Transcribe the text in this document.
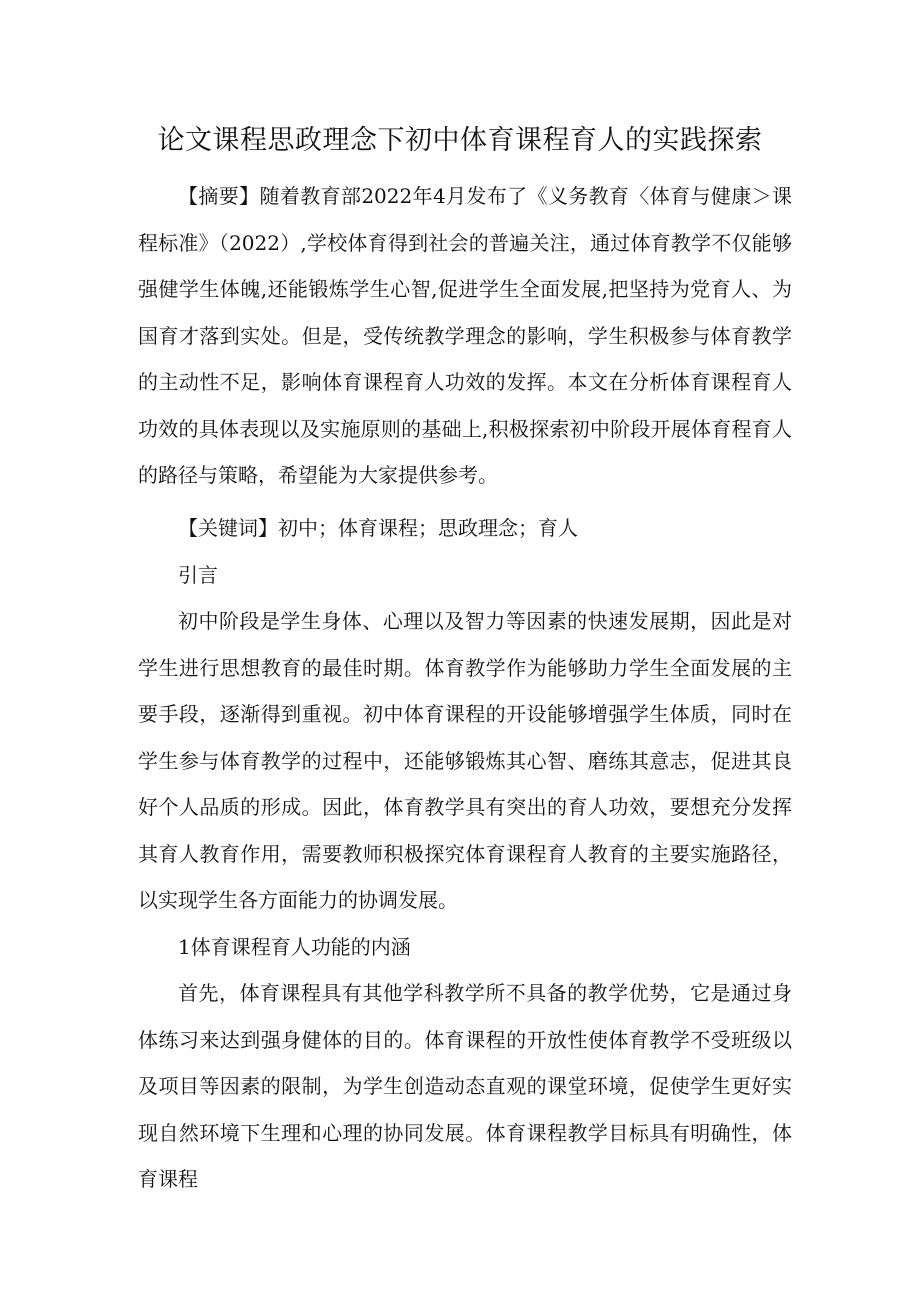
论文课程思政理念下初中体育课程育人的实践探索

【摘要】随着教育部2022年4月发布了《义务教育〈体育与健康＞课程标准》（2022）,学校体育得到社会的普遍关注，通过体育教学不仅能够强健学生体魄,还能锻炼学生心智,促进学生全面发展,把坚持为党育人、为国育才落到实处。但是，受传统教学理念的影响，学生积极参与体育教学的主动性不足，影响体育课程育人功效的发挥。本文在分析体育课程育人功效的具体表现以及实施原则的基础上,积极探索初中阶段开展体育程育人的路径与策略，希望能为大家提供参考。

【关键词】初中；体育课程；思政理念；育人

引言

初中阶段是学生身体、心理以及智力等因素的快速发展期，因此是对学生进行思想教育的最佳时期。体育教学作为能够助力学生全面发展的主要手段，逐渐得到重视。初中体育课程的开设能够增强学生体质，同时在学生参与体育教学的过程中，还能够锻炼其心智、磨练其意志，促进其良好个人品质的形成。因此，体育教学具有突出的育人功效，要想充分发挥其育人教育作用，需要教师积极探究体育课程育人教育的主要实施路径，以实现学生各方面能力的协调发展。

1体育课程育人功能的内涵

首先，体育课程具有其他学科教学所不具备的教学优势，它是通过身体练习来达到强身健体的目的。体育课程的开放性使体育教学不受班级以及项目等因素的限制，为学生创造动态直观的课堂环境，促使学生更好实现自然环境下生理和心理的协同发展。体育课程教学目标具有明确性，体育课程
